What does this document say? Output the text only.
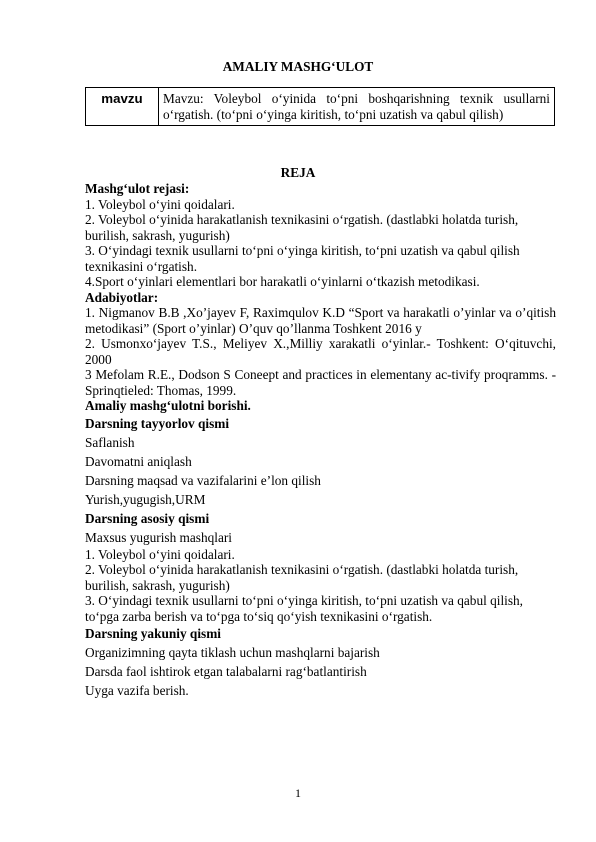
AMALIY MASHG‘ULOT
mavzu	Mavzu: Voleybol o‘yinida to‘pni boshqarishning texnik usullarni o‘rgatish. (to‘pni o‘yinga kiritish, to‘pni uzatish va qabul qilish)
REJA

Mashg‘ulot rejasi:

1. Voleybol o‘yini qoidalari.

2. Voleybol o‘yinida harakatlanish texnikasini o‘rgatish. (dastlabki holatda turish, burilish, sakrash, yugurish)

3. O‘yindagi texnik usullarni to‘pni o‘yinga kiritish, to‘pni uzatish va qabul qilish texnikasini o‘rgatish.

4.Sport o‘yinlari elementlari bor harakatli o‘yinlarni o‘tkazish metodikasi.

Adabiyotlar:

1. Nigmanov B.B ,Xo’jayev F, Raximqulov K.D “Sport va harakatli o’yinlar va o’qitish metodikasi” (Sport o’yinlar) O’quv qo’llanma Toshkent 2016 y

2. Usmonxo‘jayev T.S., Meliyev X.,Milliy xarakatli o‘yinlar.- Toshkent: O‘qituvchi, 2000

3 Mefolam R.E., Dodson S Coneept and practices in elementany ac-tivify proqramms. - Sprinqtieled: Thomas, 1999.

Amaliy mashg‘ulotni borishi.

Darsning tayyorlov qismi

Saflanish

Davomatni aniqlash

Darsning maqsad va vazifalarini e’lon qilish

Yurish,yugugish,URM

Darsning asosiy qismi

Maxsus yugurish mashqlari

1. Voleybol o‘yini qoidalari.

2. Voleybol o‘yinida harakatlanish texnikasini o‘rgatish. (dastlabki holatda turish, burilish, sakrash, yugurish)

3. O‘yindagi texnik usullarni to‘pni o‘yinga kiritish, to‘pni uzatish va qabul qilish, to‘pga zarba berish va to‘pga to‘siq qo‘yish texnikasini o‘rgatish.

Darsning yakuniy qismi

Organizimning qayta tiklash uchun mashqlarni bajarish

Darsda faol ishtirok etgan talabalarni rag‘batlantirish

Uyga vazifa berish.

1
